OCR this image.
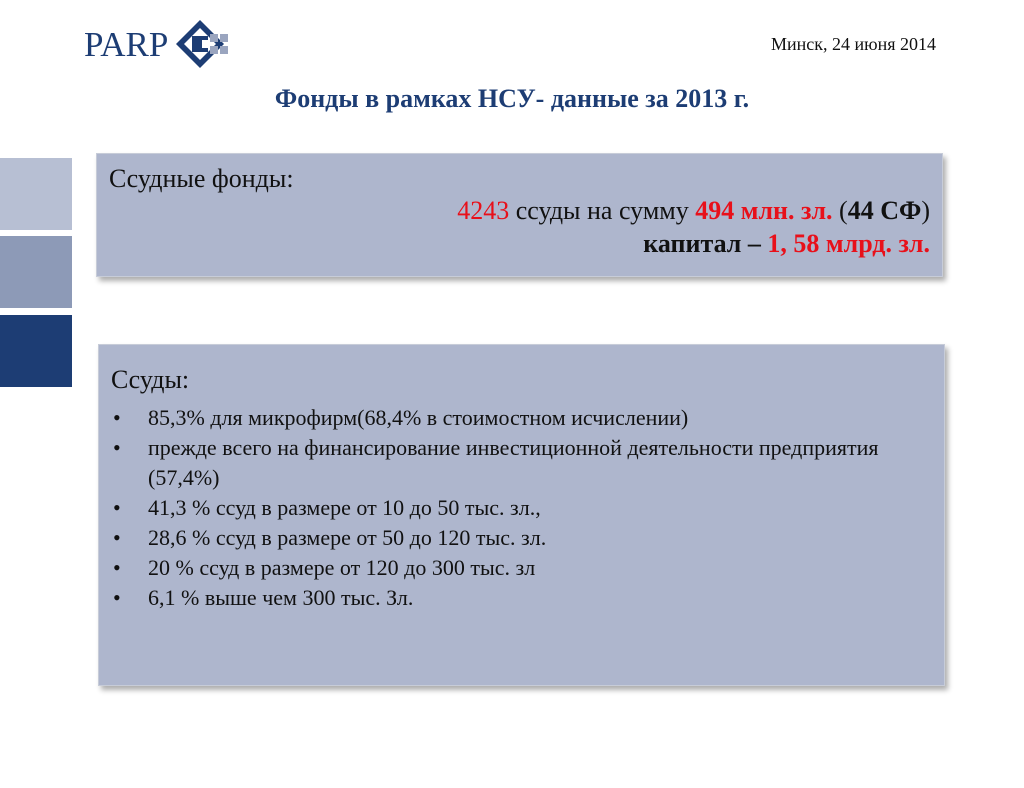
PARP	Минск, 24 июня 2014
Фонды в рамках НСУ- данные за 2013 г.
Ссудные фонды:
4243 ссуды на сумму 494 млн. зл. (44 СФ)
капитал – 1, 58 млрд. зл.
Ссуды:
• 85,3% для микрофирм(68,4% в стоимостном исчислении)
• прежде всего на финансирование инвестиционной деятельности предприятия (57,4%)
• 41,3 % ссуд в размере от 10 до 50 тыс. зл.,
• 28,6 % ссуд в размере от 50 до 120 тыс. зл.
• 20 % ссуд в размере от 120 до 300 тыс. зл
• 6,1 % выше чем 300 тыс. Зл.
